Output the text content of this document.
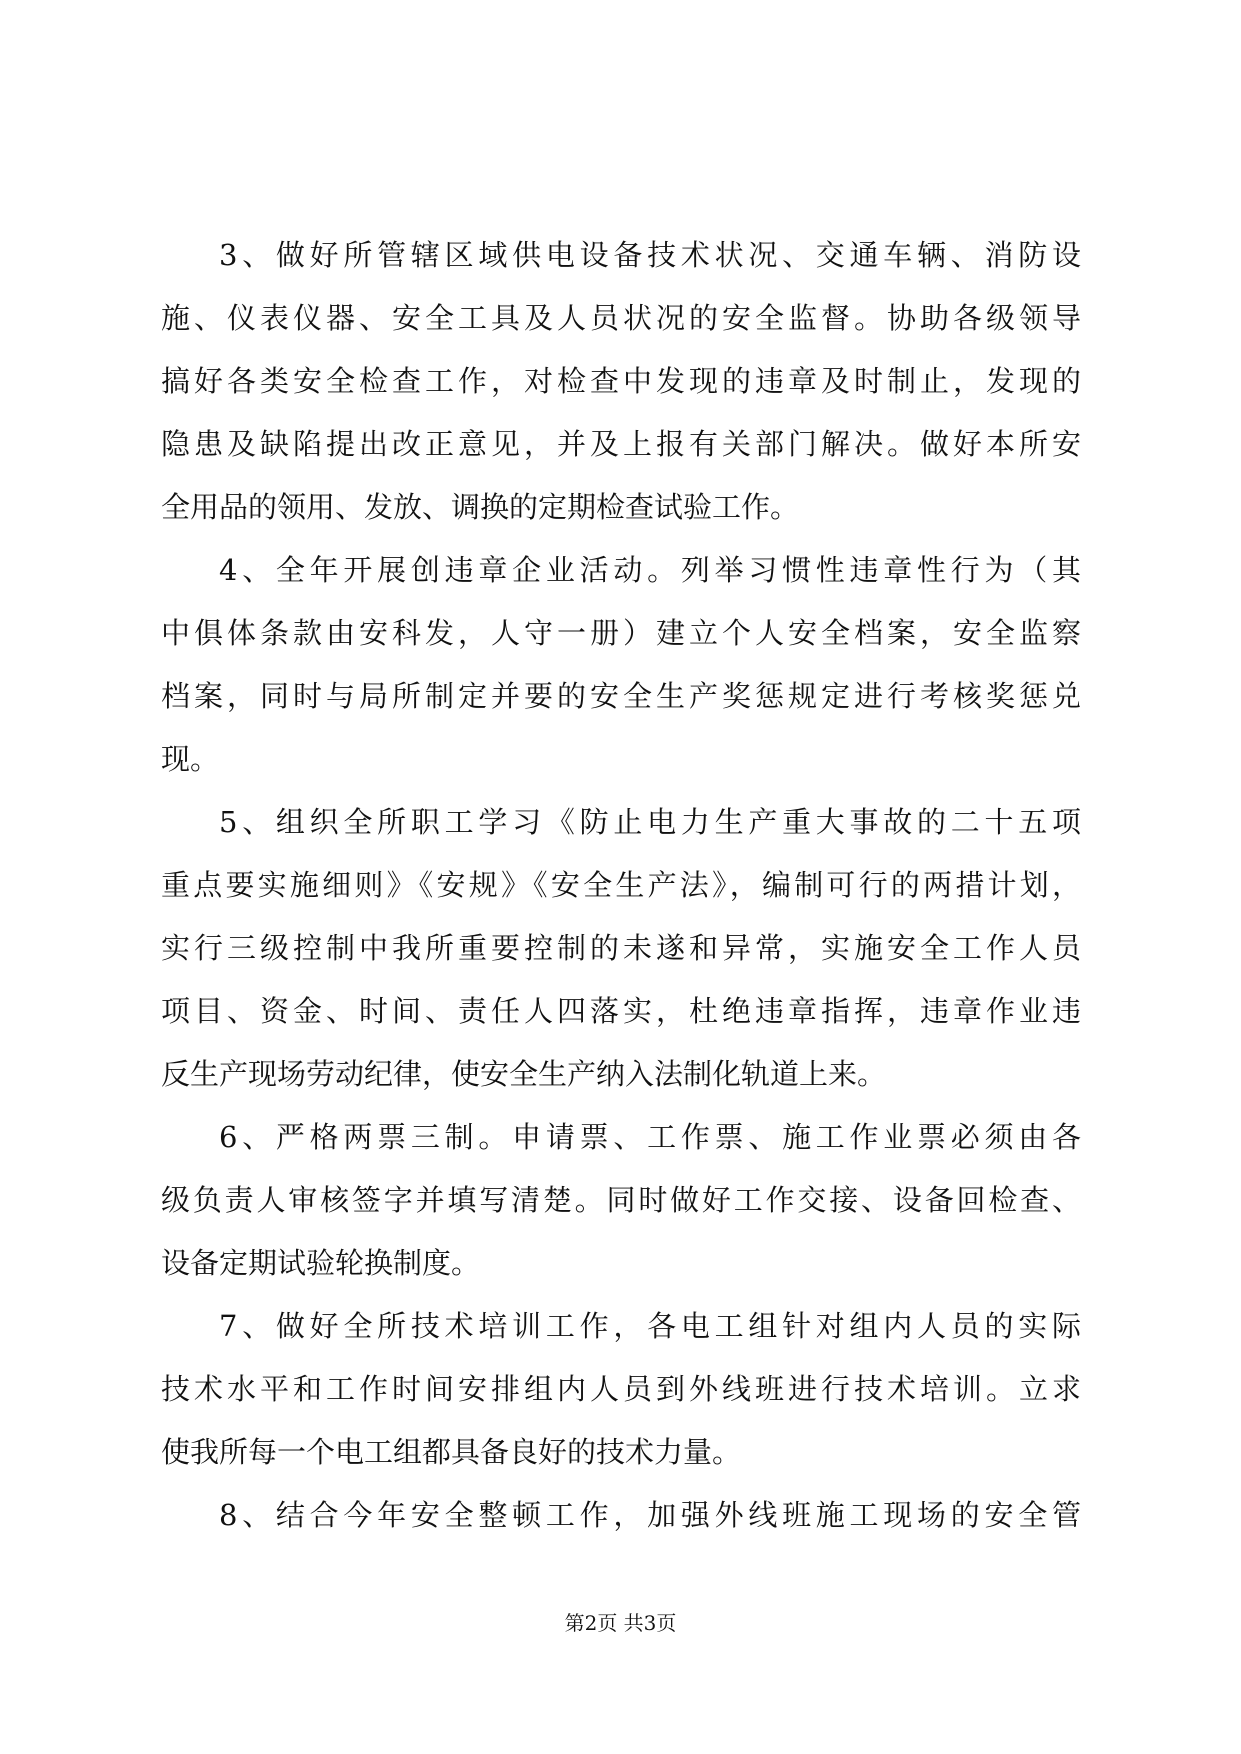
3、做好所管辖区域供电设备技术状况、交通车辆、消防设
施、仪表仪器、安全工具及人员状况的安全监督。协助各级领导
搞好各类安全检查工作，对检查中发现的违章及时制止，发现的
隐患及缺陷提出改正意见，并及上报有关部门解决。做好本所安
全用品的领用、发放、调换的定期检查试验工作。
4、全年开展创违章企业活动。列举习惯性违章性行为（其
中俱体条款由安科发，人守一册）建立个人安全档案，安全监察
档案，同时与局所制定并要的安全生产奖惩规定进行考核奖惩兑
现。
5、组织全所职工学习《防止电力生产重大事故的二十五项
重点要实施细则》《安规》《安全生产法》，编制可行的两措计划，
实行三级控制中我所重要控制的未遂和异常，实施安全工作人员
项目、资金、时间、责任人四落实，杜绝违章指挥，违章作业违
反生产现场劳动纪律，使安全生产纳入法制化轨道上来。
6、严格两票三制。申请票、工作票、施工作业票必须由各
级负责人审核签字并填写清楚。同时做好工作交接、设备回检查、
设备定期试验轮换制度。
7、做好全所技术培训工作，各电工组针对组内人员的实际
技术水平和工作时间安排组内人员到外线班进行技术培训。立求
使我所每一个电工组都具备良好的技术力量。
8、结合今年安全整顿工作，加强外线班施工现场的安全管
第2页 共3页
